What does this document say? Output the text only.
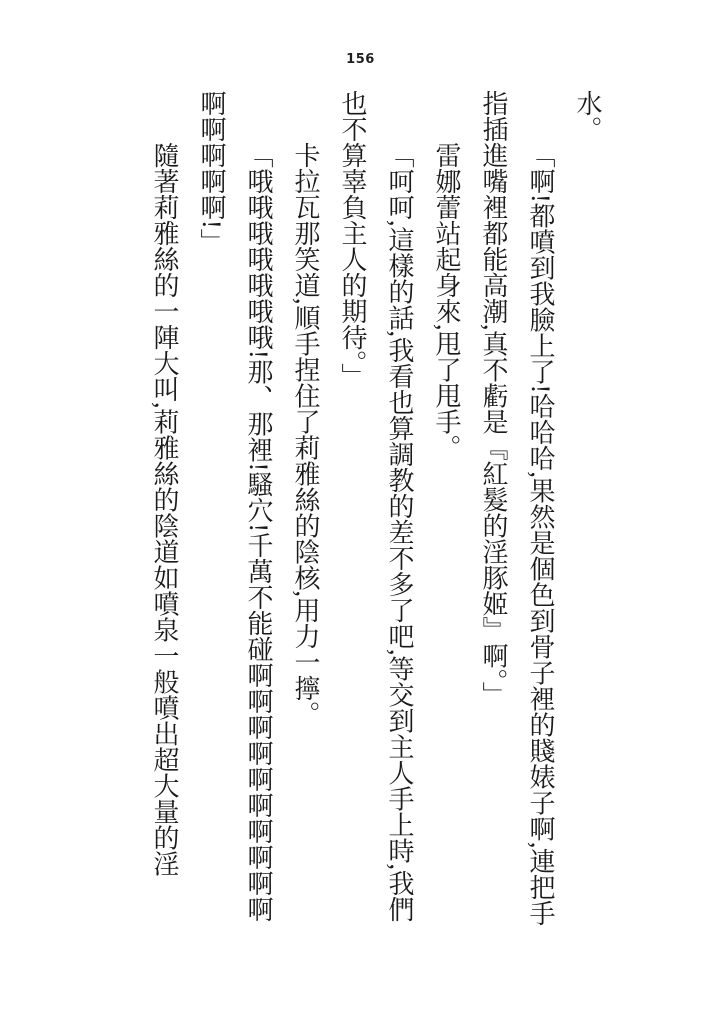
156

水。

「啊!都噴到我臉上了!哈哈哈,果然是個色到骨子裡的賤婊子啊,連把手指插進嘴裡都能高潮,真不虧是『紅髮的淫豚姬』啊。」

雷娜蕾站起身來,甩了甩手。

「呵呵,這樣的話,我看也算調教的差不多了吧,等交到主人手上時,我們也不算辜負主人的期待。」

卡拉瓦那笑道,順手捏住了莉雅絲的陰核,用力一擰。

「哦哦哦哦哦哦哦!那、那裡!騷穴!千萬不能碰啊啊啊啊啊啊啊啊啊啊啊啊啊啊啊!」

隨著莉雅絲的一陣大叫,莉雅絲的陰道如噴泉一般噴出超大量的淫
